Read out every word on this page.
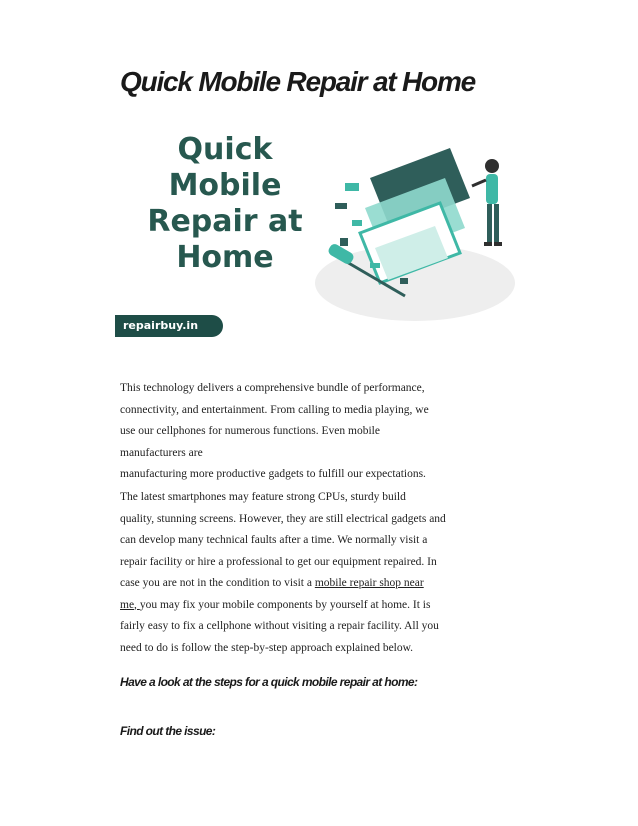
Quick Mobile Repair at Home
Quick
Mobile
Repair at
Home
repairbuy.in
This technology delivers a comprehensive bundle of performance,
connectivity, and entertainment. From calling to media playing, we
use our cellphones for numerous functions. Even mobile
manufacturers are
manufacturing more productive gadgets to fulfill our expectations.
The latest smartphones may feature strong CPUs, sturdy build
quality, stunning screens. However, they are still electrical gadgets and
can develop many technical faults after a time. We normally visit a
repair facility or hire a professional to get our equipment repaired. In
case you are not in the condition to visit a mobile repair shop near
me, you may fix your mobile components by yourself at home. It is
fairly easy to fix a cellphone without visiting a repair facility. All you
need to do is follow the step-by-step approach explained below.
Have a look at the steps for a quick mobile repair at home:
Find out the issue:
